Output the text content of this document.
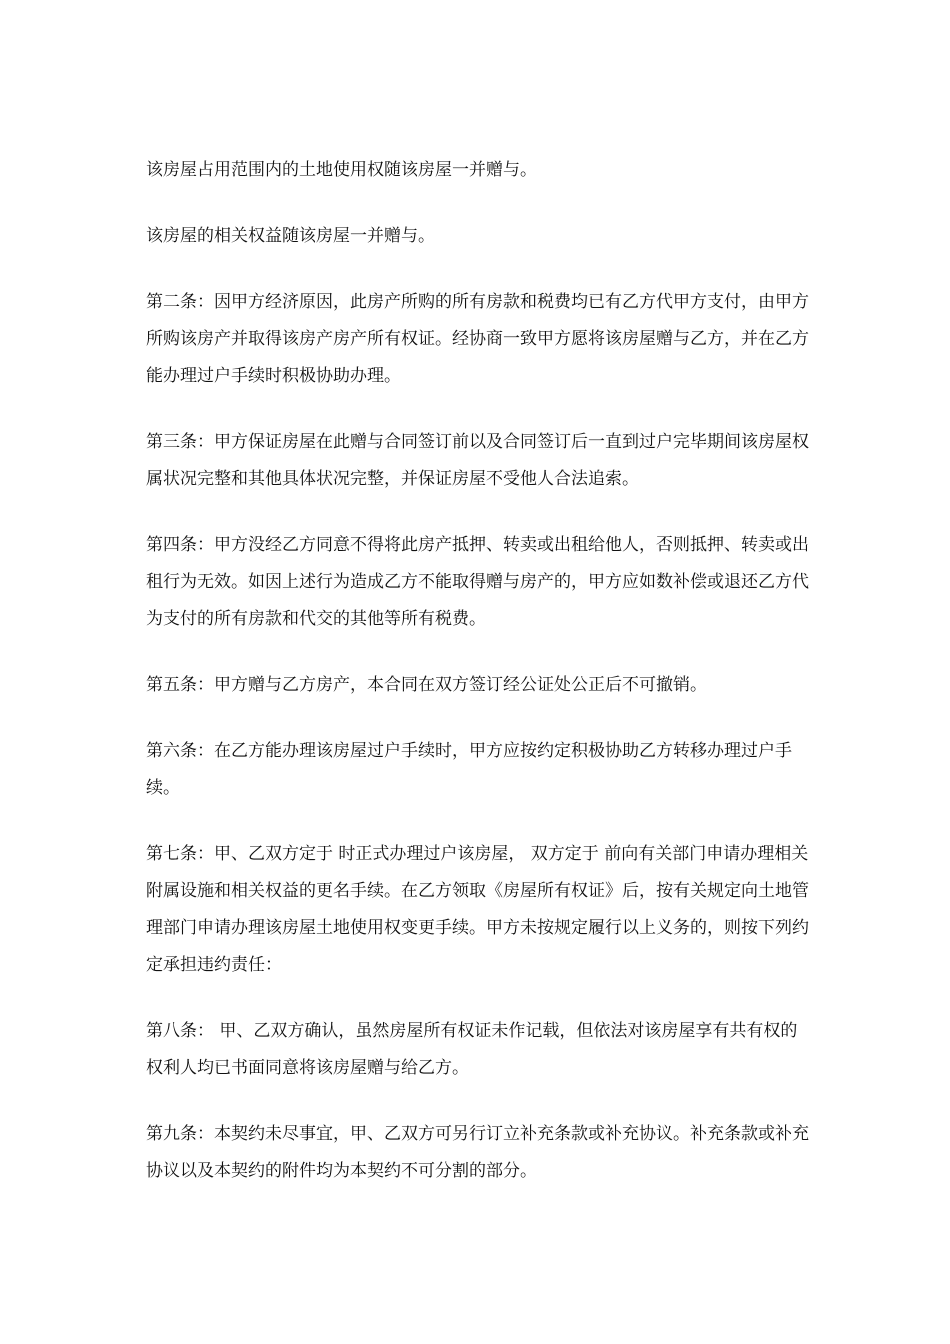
该房屋占用范围内的土地使用权随该房屋一并赠与。

该房屋的相关权益随该房屋一并赠与。

第二条：因甲方经济原因，此房产所购的所有房款和税费均已有乙方代甲方支付，由甲方所购该房产并取得该房产房产所有权证。经协商一致甲方愿将该房屋赠与乙方，并在乙方能办理过户手续时积极协助办理。

第三条：甲方保证房屋在此赠与合同签订前以及合同签订后一直到过户完毕期间该房屋权属状况完整和其他具体状况完整，并保证房屋不受他人合法追索。

第四条：甲方没经乙方同意不得将此房产抵押、转卖或出租给他人，否则抵押、转卖或出租行为无效。如因上述行为造成乙方不能取得赠与房产的，甲方应如数补偿或退还乙方代为支付的所有房款和代交的其他等所有税费。

第五条：甲方赠与乙方房产，本合同在双方签订经公证处公正后不可撤销。

第六条：在乙方能办理该房屋过户手续时，甲方应按约定积极协助乙方转移办理过户手续。

第七条：甲、乙双方定于 时正式办理过户该房屋， 双方定于 前向有关部门申请办理相关附属设施和相关权益的更名手续。在乙方领取《房屋所有权证》后，按有关规定向土地管理部门申请办理该房屋土地使用权变更手续。甲方未按规定履行以上义务的，则按下列约定承担违约责任：

第八条： 甲、乙双方确认，虽然房屋所有权证未作记载，但依法对该房屋享有共有权的权利人均已书面同意将该房屋赠与给乙方。

第九条：本契约未尽事宜，甲、乙双方可另行订立补充条款或补充协议。补充条款或补充协议以及本契约的附件均为本契约不可分割的部分。
